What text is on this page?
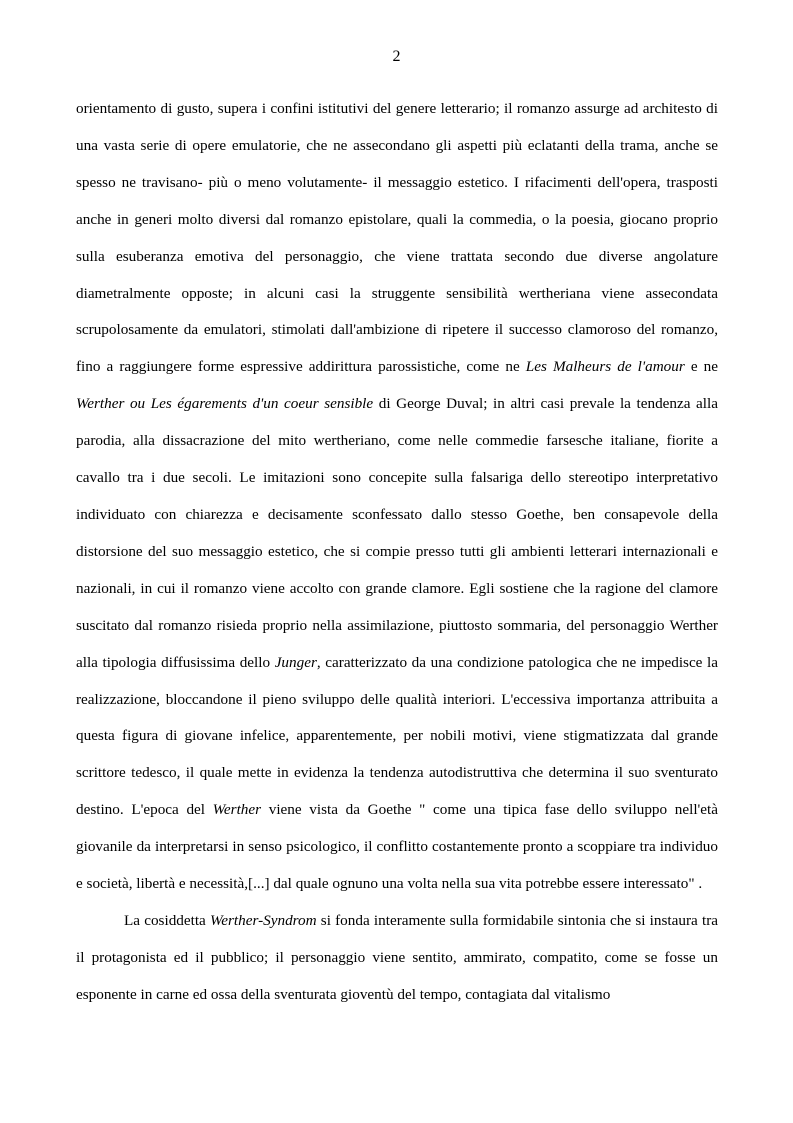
2

orientamento di gusto, supera i confini istitutivi del genere letterario; il romanzo assurge ad architesto di una vasta serie di opere emulatorie, che ne assecondano gli aspetti più eclatanti della trama, anche se spesso ne travisano- più o meno volutamente- il messaggio estetico. I rifacimenti dell'opera, trasposti anche in generi molto diversi dal romanzo epistolare, quali la commedia, o la poesia, giocano proprio sulla esuberanza emotiva del personaggio, che viene trattata secondo due diverse angolature diametralmente opposte; in alcuni casi la struggente sensibilità wertheriana viene assecondata scrupolosamente da emulatori, stimolati dall'ambizione di ripetere il successo clamoroso del romanzo, fino a raggiungere forme espressive addirittura parossistiche, come ne Les Malheurs de l'amour e ne Werther ou Les égarements d'un coeur sensible di George Duval; in altri casi prevale la tendenza alla parodia, alla dissacrazione del mito wertheriano, come nelle commedie farsesche italiane, fiorite a cavallo tra i due secoli. Le imitazioni sono concepite sulla falsariga dello stereotipo interpretativo individuato con chiarezza e decisamente sconfessato dallo stesso Goethe, ben consapevole della distorsione del suo messaggio estetico, che si compie presso tutti gli ambienti letterari internazionali e nazionali, in cui il romanzo viene accolto con grande clamore. Egli sostiene che la ragione del clamore suscitato dal romanzo risieda proprio nella assimilazione, piuttosto sommaria, del personaggio Werther alla tipologia diffusissima dello Junger, caratterizzato da una condizione patologica che ne impedisce la realizzazione, bloccandone il pieno sviluppo delle qualità interiori. L'eccessiva importanza attribuita a questa figura di giovane infelice, apparentemente, per nobili motivi, viene stigmatizzata dal grande scrittore tedesco, il quale mette in evidenza la tendenza autodistruttiva che determina il suo sventurato destino. L'epoca del Werther viene vista da Goethe " come una tipica fase dello sviluppo nell'età giovanile da interpretarsi in senso psicologico, il conflitto costantemente pronto a scoppiare tra individuo e società, libertà e necessità,[...] dal quale ognuno una volta nella sua vita potrebbe essere interessato" .

La cosiddetta Werther-Syndrom si fonda interamente sulla formidabile sintonia che si instaura tra il protagonista ed il pubblico; il personaggio viene sentito, ammirato, compatito, come se fosse un esponente in carne ed ossa della sventurata gioventù del tempo, contagiata dal vitalismo
